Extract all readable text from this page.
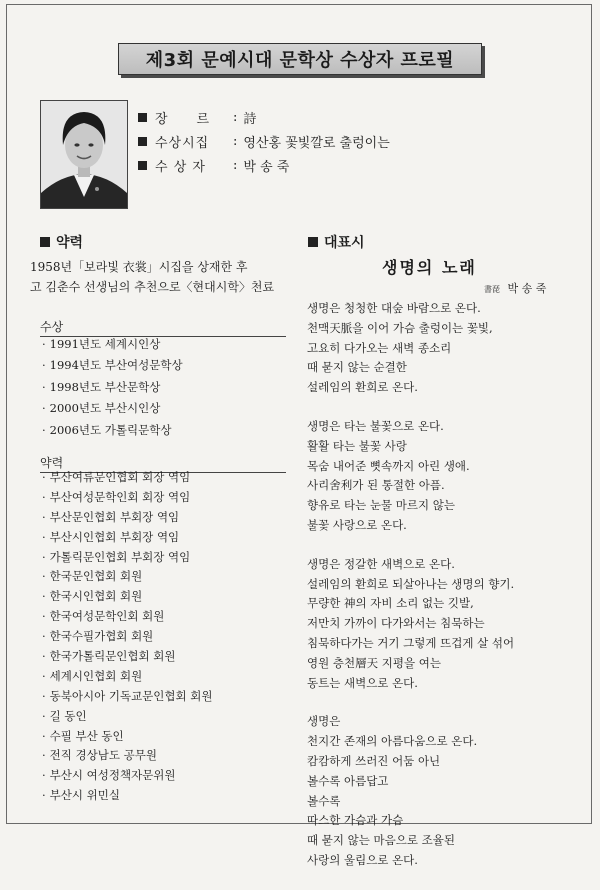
제3회 문예시대 문학상 수상자 프로필
장　　르	: 詩
수상시집	: 영산홍 꽃빛깔로 출렁이는
수 상 자	: 박 송 죽
약력
1958년「보라빛 衣裳」시집을 상재한 후
고 김춘수 선생님의 추천으로〈현대시학〉천료
수상
· 1991년도 세계시인상
· 1994년도 부산여성문학상
· 1998년도 부산문학상
· 2000년도 부산시인상
· 2006년도 가톨릭문학상
약력
· 부산여류문인협회 회장 역임
· 부산여성문학인회 회장 역임
· 부산문인협회 부회장 역임
· 부산시인협회 부회장 역임
· 가톨릭문인협회 부회장 역임
· 한국문인협회 회원
· 한국시인협회 회원
· 한국여성문학인회 회원
· 한국수필가협회 회원
· 한국가톨릭문인협회 회원
· 세계시인협회 회원
· 동북아시아 기독교문인협회 회원
· 길 동인
· 수필 부산 동인
· 전직 경상남도 공무원
· 부산시 여성정책자문위원
· 부산시 위민실
대표시
생명의 노래
書琵 박 송 죽
생명은 청청한 대숲 바람으로 온다.
천맥天脈을 이어 가슴 출렁이는 꽃빛,
고요히 다가오는 새벽 종소리
때 묻지 않는 순결한
설레임의 환희로 온다.
생명은 타는 불꽃으로 온다.
활활 타는 불꽃 사랑
목숨 내어준 뼛속까지 아린 생애.
사리舍利가 된 통절한 아픔.
향유로 타는 눈물 마르지 않는
불꽃 사랑으로 온다.
생명은 정갈한 새벽으로 온다.
설레임의 환희로 되살아나는 생명의 향기.
무량한 神의 자비 소리 없는 깃발,
저만치 가까이 다가와서는 침묵하는
침묵하다가는 거기 그렇게 뜨겁게 살 섞어
영원 층천層天 지평을 여는
동트는 새벽으로 온다.
생명은
천지간 존재의 아름다움으로 온다.
캄캄하게 쓰러진 어둠 아닌
볼수록 아름답고
볼수록
따스한 가슴과 가슴
때 묻지 않는 마음으로 조율된
사랑의 울림으로 온다.
